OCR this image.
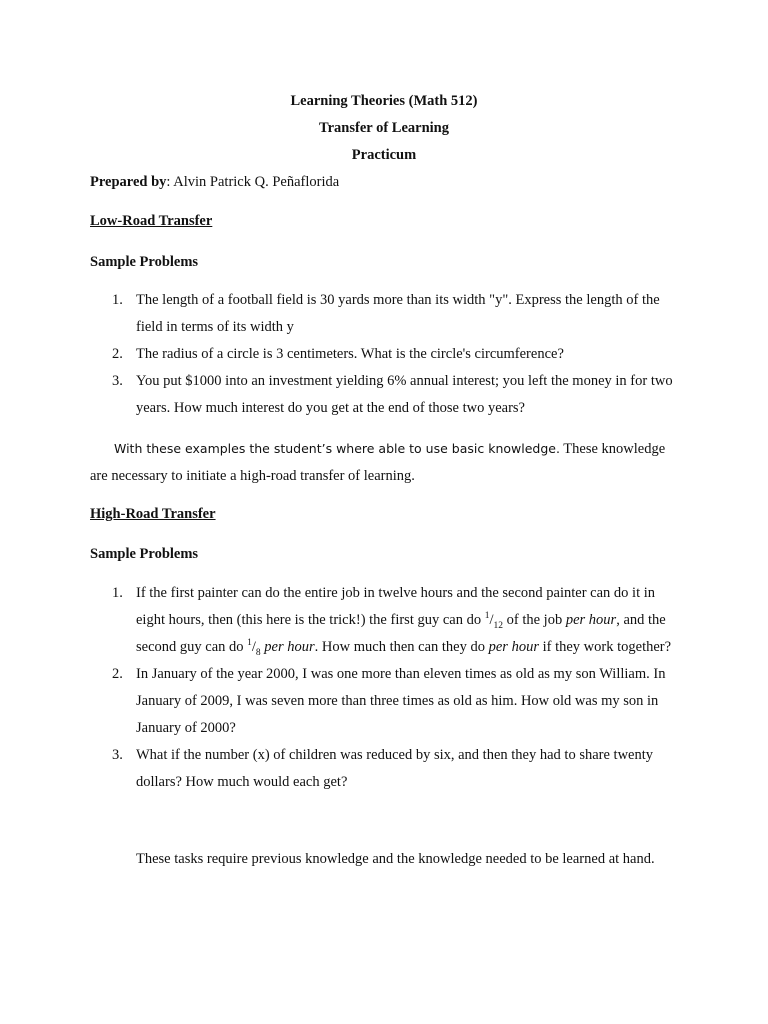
Learning Theories (Math 512)
Transfer of Learning
Practicum
Prepared by: Alvin Patrick Q. Peñaflorida
Low-Road Transfer
Sample Problems
1. The length of a football field is 30 yards more than its width "y". Express the length of the field in terms of its width y
2. The radius of a circle is 3 centimeters. What is the circle's circumference?
3. You put $1000 into an investment yielding 6% annual interest; you left the money in for two years. How much interest do you get at the end of those two years?
With these examples the student’s where able to use basic knowledge. These knowledge are necessary to initiate a high-road transfer of learning.
High-Road Transfer
Sample Problems
1. If the first painter can do the entire job in twelve hours and the second painter can do it in eight hours, then (this here is the trick!) the first guy can do $^1/_{12}$ of the job per hour, and the second guy can do $^1/_8$ per hour. How much then can they do per hour if they work together?
2. In January of the year 2000, I was one more than eleven times as old as my son William. In January of 2009, I was seven more than three times as old as him. How old was my son in January of 2000?
3. What if the number (x) of children was reduced by six, and then they had to share twenty dollars? How much would each get?
These tasks require previous knowledge and the knowledge needed to be learned at hand.
